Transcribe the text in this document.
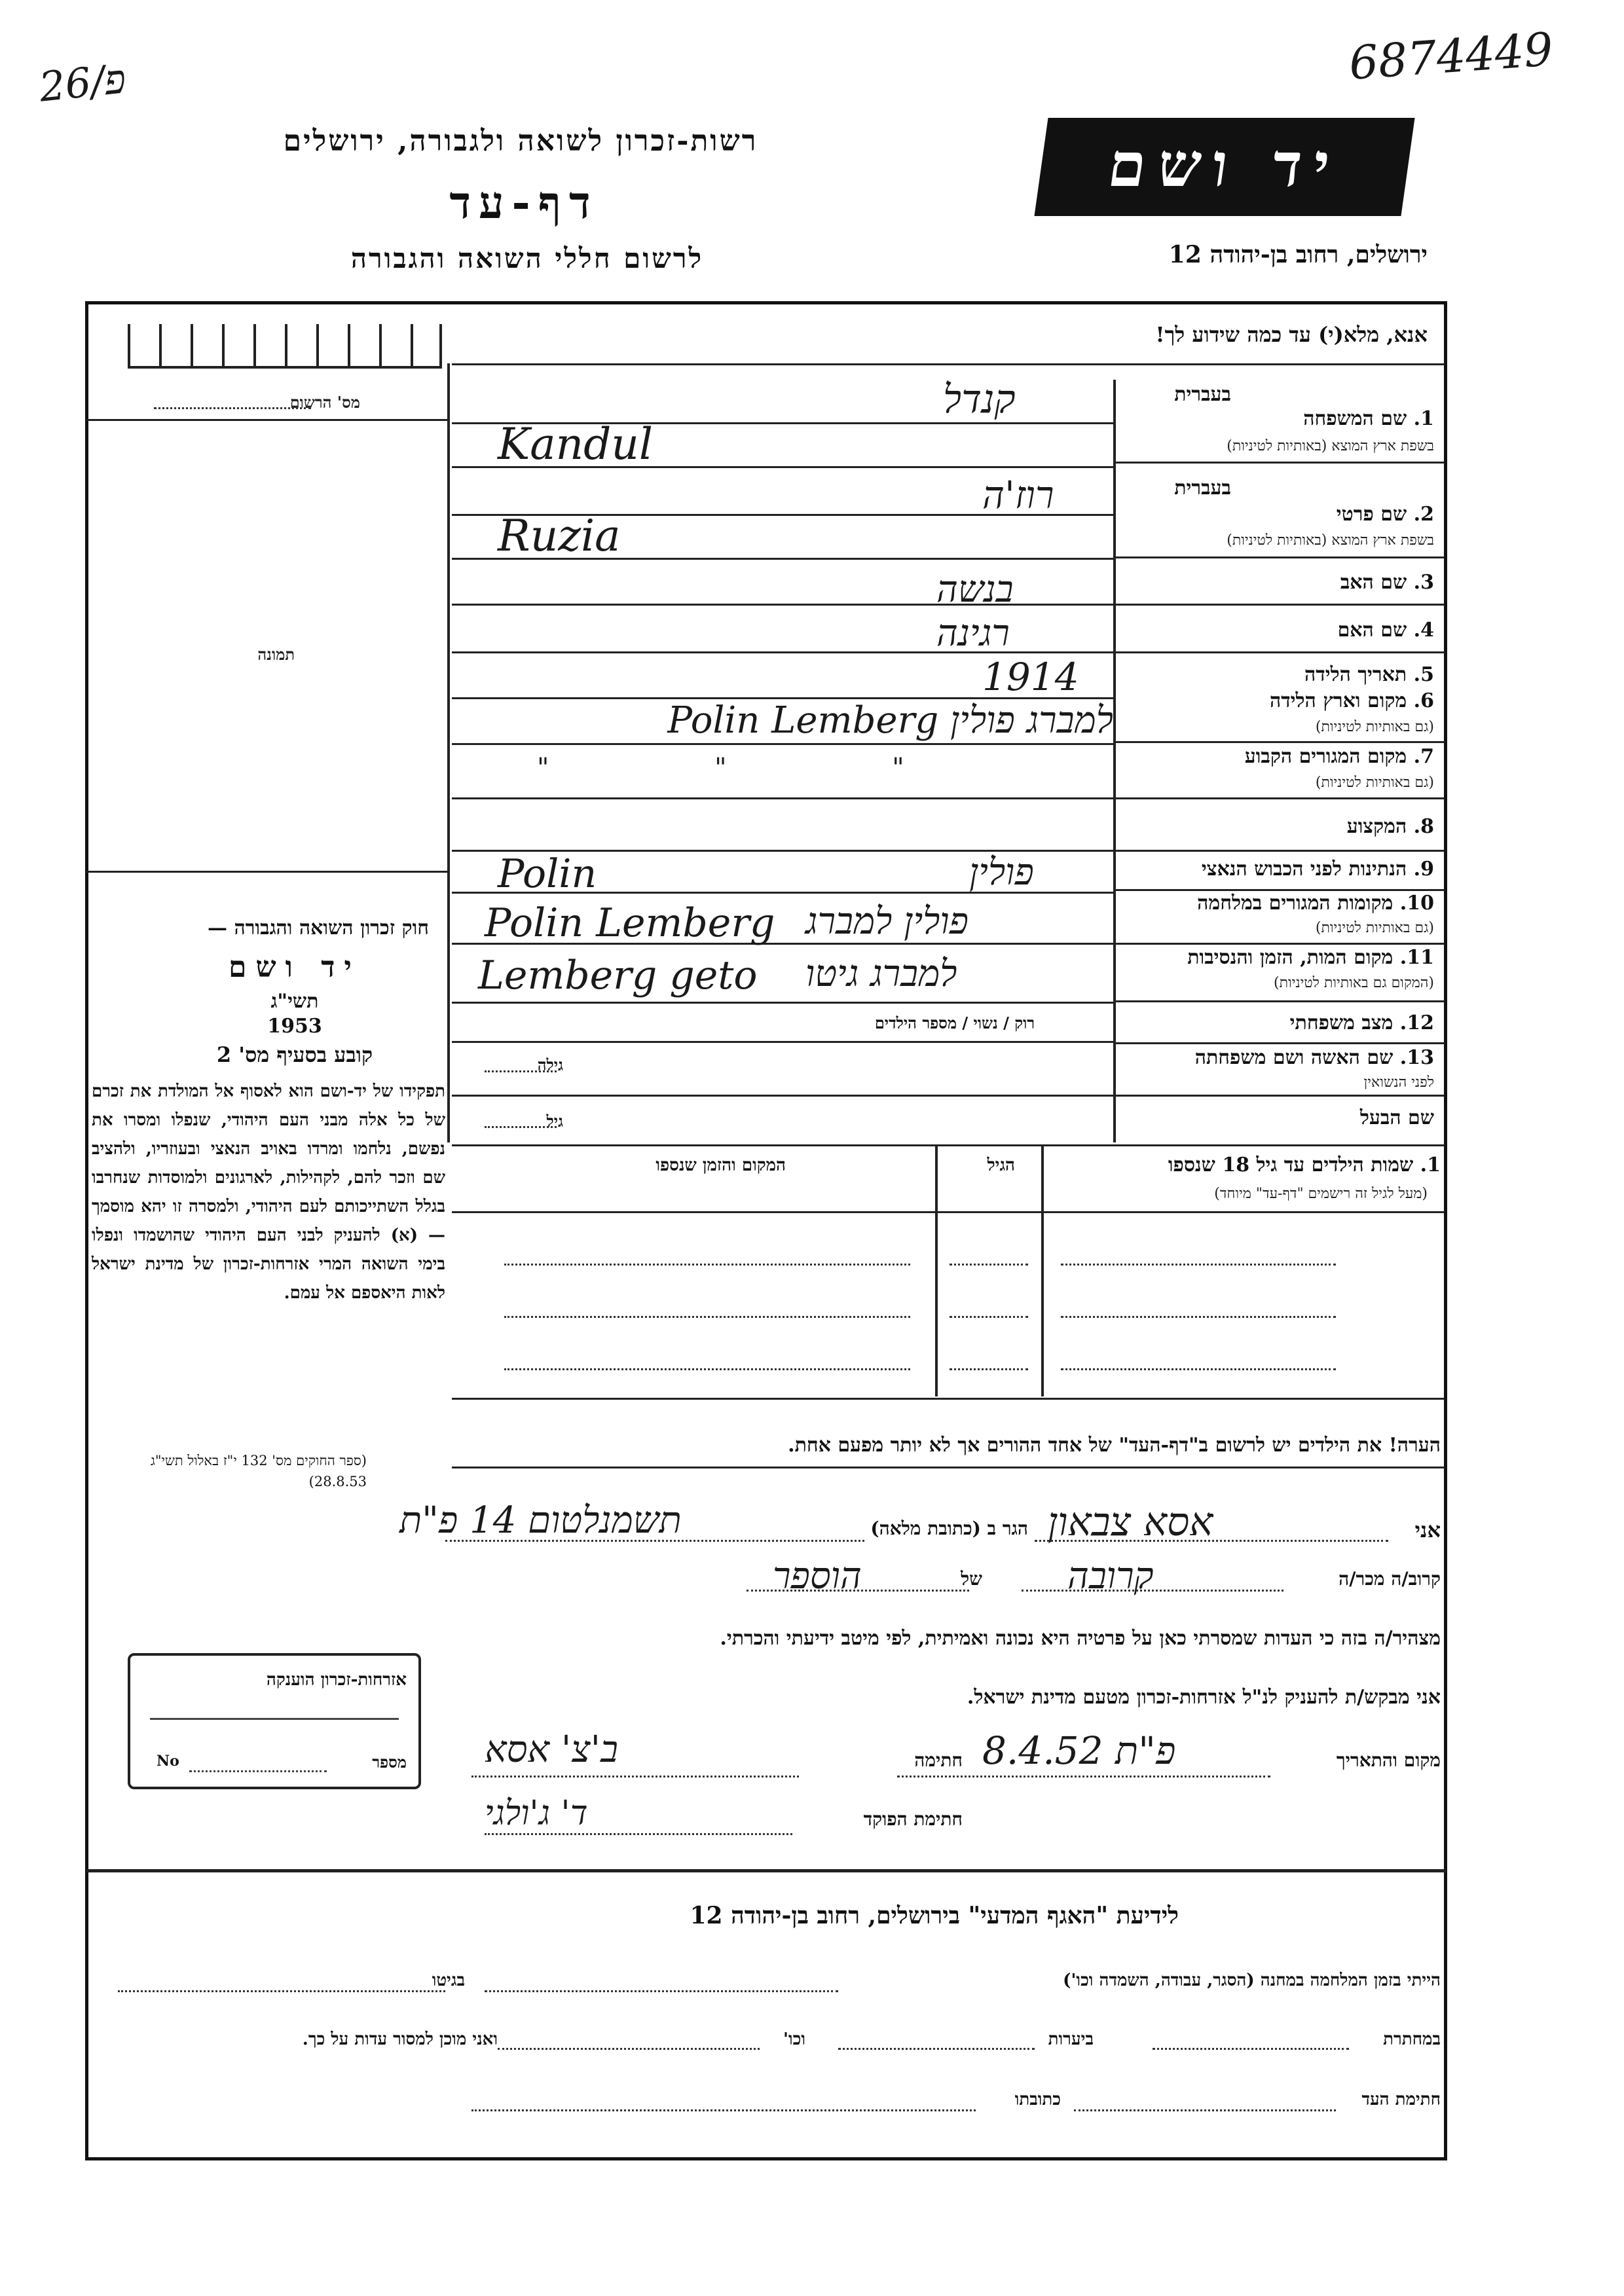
26/פ	6874449
רשות-זכרון לשואה ולגבורה, ירושלים
דף-עד
לרשום חללי השואה והגבורה
יד ושם
ירושלים, רחוב בן-יהודה 12
אנא, מלא(י) עד כמה שידוע לך!
מס' הרשום
תמונה
חוק זכרון השואה והגבורה —
יד ושם
תשי"ג
1953
קובע בסעיף מס' 2
תפקידו של יד-ושם הוא לאסוף אל המולדת את זכרם של כל אלה מבני העם היהודי, שנפלו ומסרו את נפשם, נלחמו ומרדו באויב הנאצי ובעוזריו, ולהציב שם וזכר להם, לקהילות, לארגונים ולמוסדות שנחרבו בגלל השתייכותם לעם היהודי, ולמסרה זו יהא מוסמך — (א) להעניק לבני העם היהודי שהושמדו ונפלו בימי השואה המרי אזרחות-זכרון של מדינת ישראל לאות היאספם אל עמם.
(ספר החוקים מס' 132 י"ז באלול תשי"ג 28.8.53)
אזרחות-זכרון הוענקה
מספר
No
בעברית
1. שם המשפחה
בשפת ארץ המוצא (באותיות לטיניות)
בעברית
2. שם פרטי
בשפת ארץ המוצא (באותיות לטיניות)
3. שם האב
4. שם האם
5. תאריך הלידה
6. מקום וארץ הלידה
(גם באותיות לטיניות)
7. מקום המגורים הקבוע
(גם באותיות לטיניות)
8. המקצוע
9. הנתינות לפני הכבוש הנאצי
10. מקומות המגורים במלחמה
(גם באותיות לטיניות)
11. מקום המות, הזמן והנסיבות
(המקום גם באותיות לטיניות)
12. מצב משפחתי
13. שם האשה ושם משפחתה
לפני הנשואין
שם הבעל
קנדל
Kandul
רוז'ה
Ruzia
בנשה
רגינה
1914
Polin Lemberg למברג פולין
" " "
Polin	פולין
Polin Lemberg פולין למברג
Lemberg geto למברג גיטו
רוק / נשוי / מספר הילדים
גילה
גיל
1. שמות הילדים עד גיל 18 שנספו
(מעל לגיל זה רישמים "דף-עד" מיוחד)
הגיל
המקום והזמן שנספו
הערה! את הילדים יש לרשום ב"דף-העד" של אחד ההורים אך לא יותר מפעם אחת.
אני
אסא צבאון
הגר ב (כתובת מלאה)
תשמנלטום 14 פ"ת
קרוב/ה מכר/ה
קרובה
של
הוספר
מצהיר/ה בזה כי העדות שמסרתי כאן על פרטיה היא נכונה ואמיתית, לפי מיטב ידיעתי והכרתי.
אני מבקש/ת להעניק לנ"ל אזרחות-זכרון מטעם מדינת ישראל.
מקום והתאריך
פ"ת 8.4.52
חתימה
ב'צ' אסא
חתימת הפוקד
ד' ג'ולגי
לידיעת "האגף המדעי" בירושלים, רחוב בן-יהודה 12
הייתי בזמן המלחמה במחנה (הסגר, עבודה, השמדה וכו')
בגיטו
במחתרת
ביערות
וכו'
ואני מוכן למסור עדות על כך.
חתימת העד
כתובתו
